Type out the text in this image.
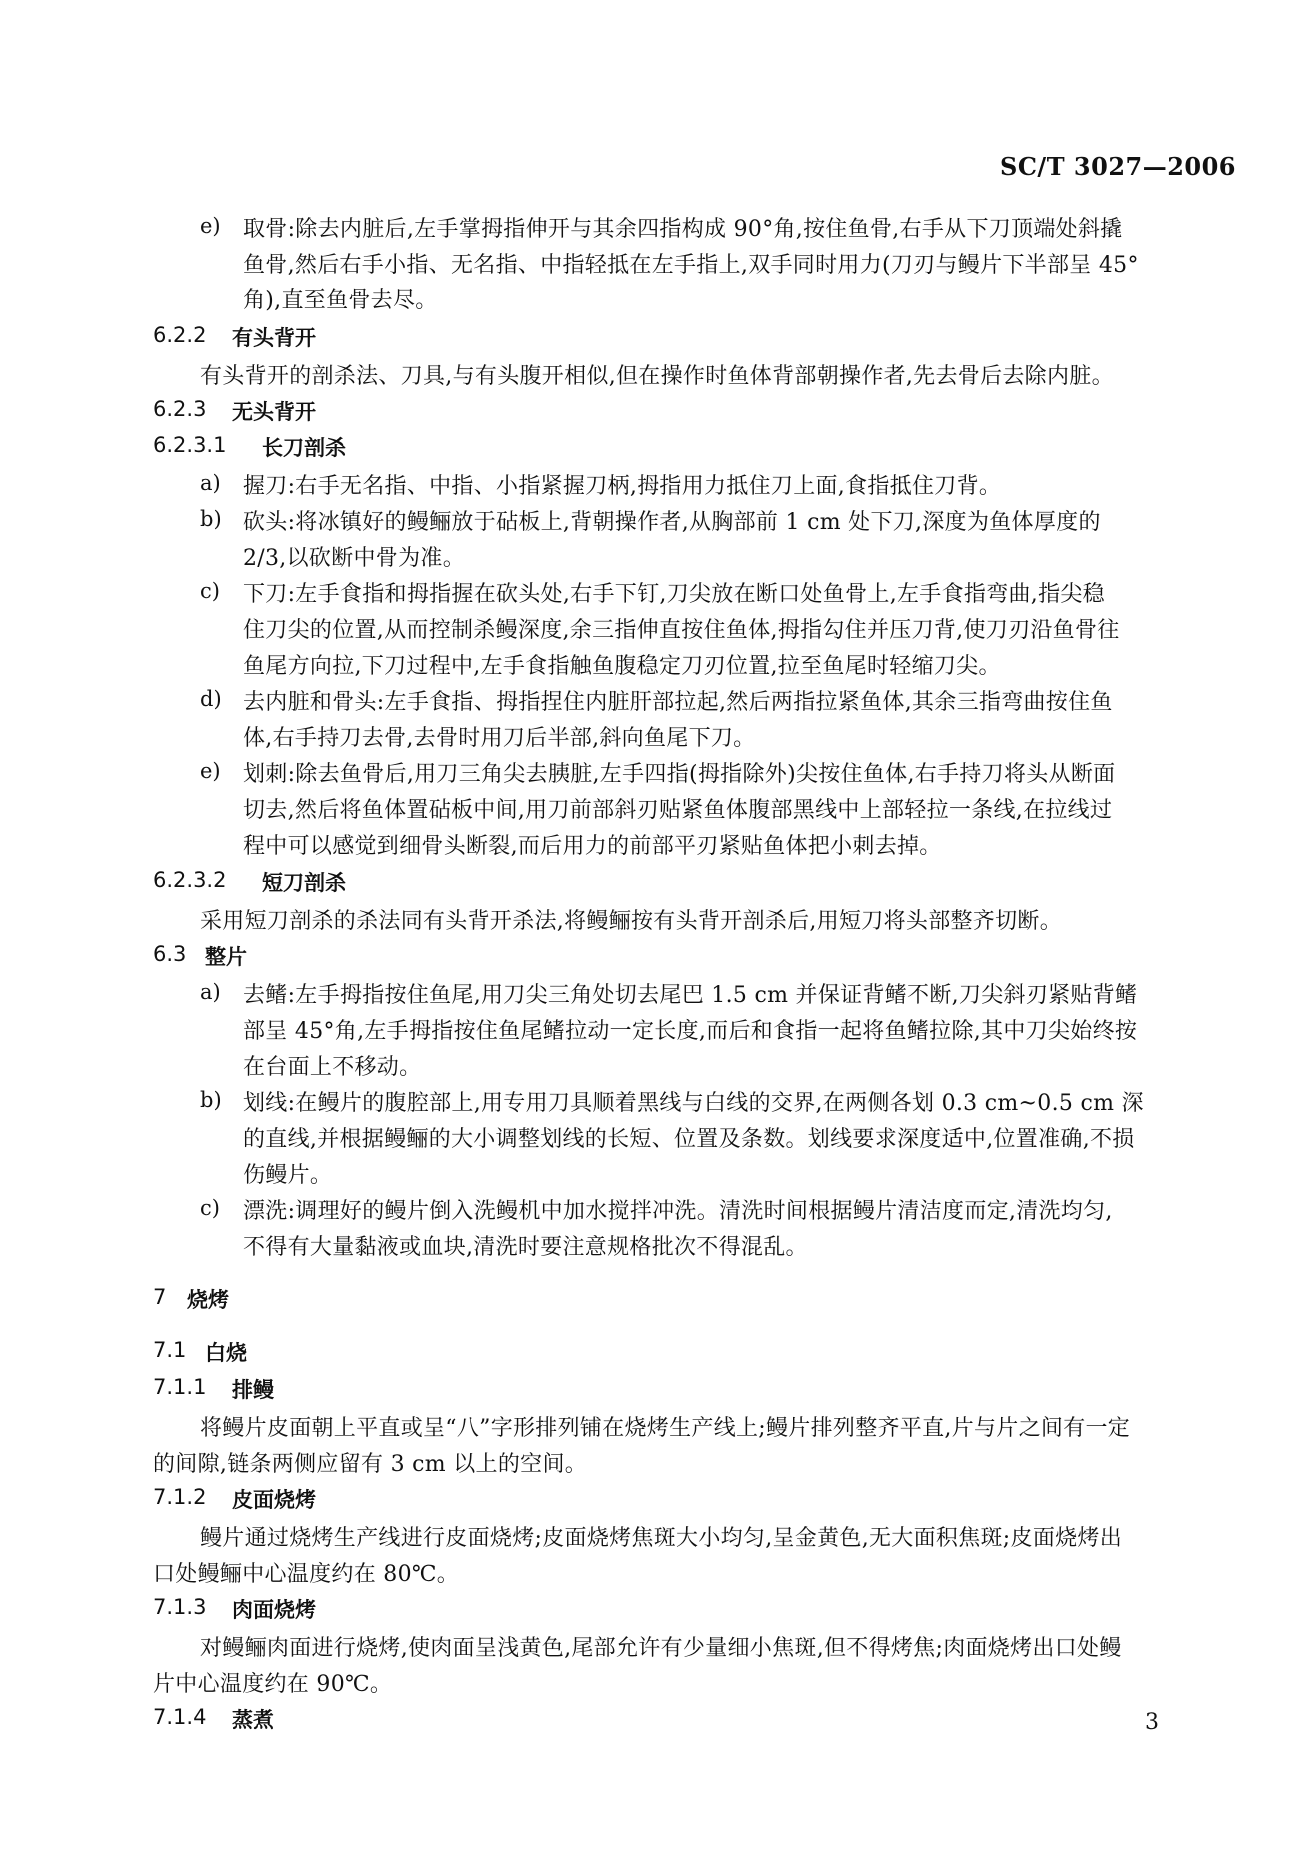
SC/T 3027—2006
e) 取骨:除去内脏后,左手掌拇指伸开与其余四指构成 90°角,按住鱼骨,右手从下刀顶端处斜撬
鱼骨,然后右手小指、无名指、中指轻抵在左手指上,双手同时用力(刀刃与鳗片下半部呈 45°
角),直至鱼骨去尽。
6.2.2 有头背开
有头背开的剖杀法、刀具,与有头腹开相似,但在操作时鱼体背部朝操作者,先去骨后去除内脏。
6.2.3 无头背开
6.2.3.1 长刀剖杀
a) 握刀:右手无名指、中指、小指紧握刀柄,拇指用力抵住刀上面,食指抵住刀背。
b) 砍头:将冰镇好的鳗鲡放于砧板上,背朝操作者,从胸部前 1 cm 处下刀,深度为鱼体厚度的
2/3,以砍断中骨为准。
c) 下刀:左手食指和拇指握在砍头处,右手下钉,刀尖放在断口处鱼骨上,左手食指弯曲,指尖稳
住刀尖的位置,从而控制杀鳗深度,余三指伸直按住鱼体,拇指勾住并压刀背,使刀刃沿鱼骨往
鱼尾方向拉,下刀过程中,左手食指触鱼腹稳定刀刃位置,拉至鱼尾时轻缩刀尖。
d) 去内脏和骨头:左手食指、拇指捏住内脏肝部拉起,然后两指拉紧鱼体,其余三指弯曲按住鱼
体,右手持刀去骨,去骨时用刀后半部,斜向鱼尾下刀。
e) 划刺:除去鱼骨后,用刀三角尖去胰脏,左手四指(拇指除外)尖按住鱼体,右手持刀将头从断面
切去,然后将鱼体置砧板中间,用刀前部斜刃贴紧鱼体腹部黑线中上部轻拉一条线,在拉线过
程中可以感觉到细骨头断裂,而后用力的前部平刃紧贴鱼体把小刺去掉。
6.2.3.2 短刀剖杀
采用短刀剖杀的杀法同有头背开杀法,将鳗鲡按有头背开剖杀后,用短刀将头部整齐切断。
6.3 整片
a) 去鳍:左手拇指按住鱼尾,用刀尖三角处切去尾巴 1.5 cm 并保证背鳍不断,刀尖斜刃紧贴背鳍
部呈 45°角,左手拇指按住鱼尾鳍拉动一定长度,而后和食指一起将鱼鳍拉除,其中刀尖始终按
在台面上不移动。
b) 划线:在鳗片的腹腔部上,用专用刀具顺着黑线与白线的交界,在两侧各划 0.3 cm~0.5 cm 深
的直线,并根据鳗鲡的大小调整划线的长短、位置及条数。划线要求深度适中,位置准确,不损
伤鳗片。
c) 漂洗:调理好的鳗片倒入洗鳗机中加水搅拌冲洗。清洗时间根据鳗片清洁度而定,清洗均匀,
不得有大量黏液或血块,清洗时要注意规格批次不得混乱。
7 烧烤
7.1 白烧
7.1.1 排鳗
将鳗片皮面朝上平直或呈“八”字形排列铺在烧烤生产线上;鳗片排列整齐平直,片与片之间有一定
的间隙,链条两侧应留有 3 cm 以上的空间。
7.1.2 皮面烧烤
鳗片通过烧烤生产线进行皮面烧烤;皮面烧烤焦斑大小均匀,呈金黄色,无大面积焦斑;皮面烧烤出
口处鳗鲡中心温度约在 80℃。
7.1.3 肉面烧烤
对鳗鲡肉面进行烧烤,使肉面呈浅黄色,尾部允许有少量细小焦斑,但不得烤焦;肉面烧烤出口处鳗
片中心温度约在 90℃。
7.1.4 蒸煮	3
